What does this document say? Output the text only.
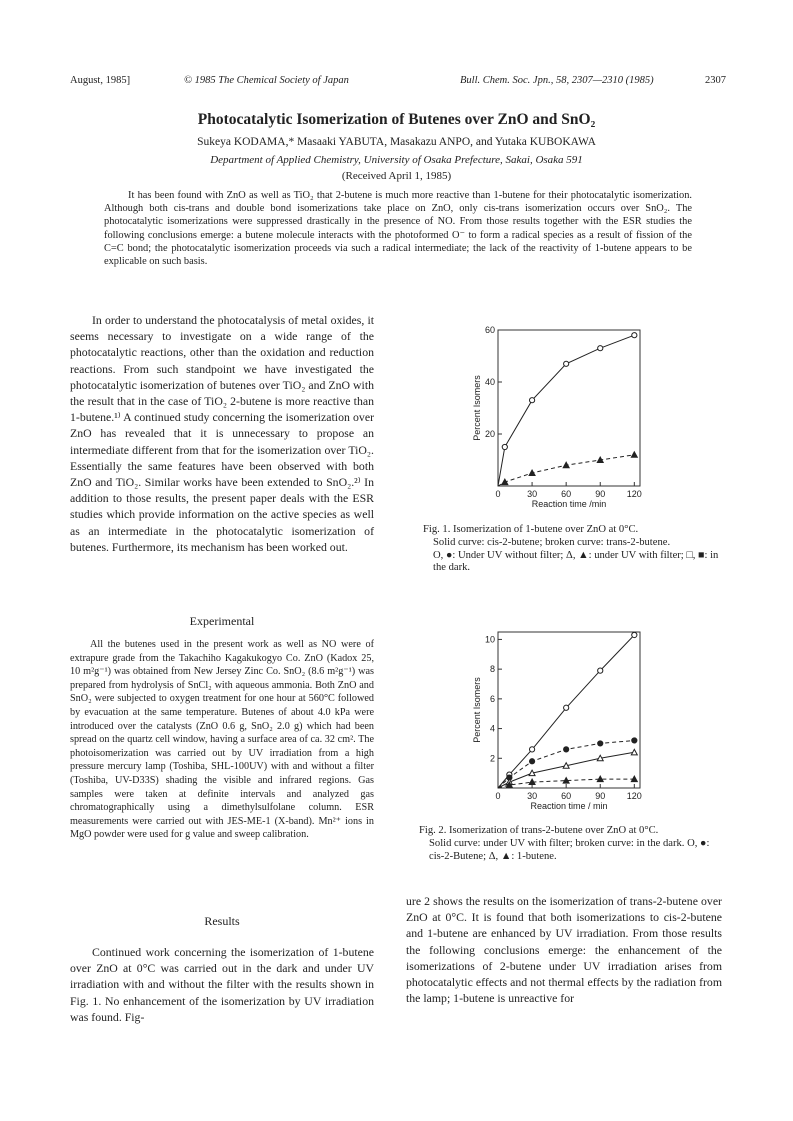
August, 1985]	© 1985 The Chemical Society of Japan	Bull. Chem. Soc. Jpn., 58, 2307—2310 (1985)	2307
Photocatalytic Isomerization of Butenes over ZnO and SnO₂
Sukeya KODAMA,* Masaaki YABUTA, Masakazu ANPO, and Yutaka KUBOKAWA
Department of Applied Chemistry, University of Osaka Prefecture, Sakai, Osaka 591
(Received April 1, 1985)
It has been found with ZnO as well as TiO₂ that 2-butene is much more reactive than 1-butene for their photocatalytic isomerization. Although both cis-trans and double bond isomerizations take place on ZnO, only cis-trans isomerization occurs over SnO₂. The photocatalytic isomerizations were suppressed drastically in the presence of NO. From those results together with the ESR studies the following conclusions emerge: a butene molecule interacts with the photoformed O⁻ to form a radical species as a result of fission of the C=C bond; the photocatalytic isomerization proceeds via such a radical intermediate; the lack of the reactivity of 1-butene appears to be explicable on such basis.

In order to understand the photocatalysis of metal oxides, it seems necessary to investigate on a wide range of the photocatalytic reactions, other than the oxidation and reduction reactions. From such standpoint we have investigated the photocatalytic isomerization of butenes over TiO₂ and ZnO with the result that in the case of TiO₂ 2-butene is more reactive than 1-butene.¹⁾ A continued study concerning the isomerization over ZnO has revealed that it is unnecessary to propose an intermediate different from that for the isomerization over TiO₂. Essentially the same features have been observed with both ZnO and TiO₂. Similar works have been extended to SnO₂.²⁾ In addition to those results, the present paper deals with the ESR studies which provide information on the active species as well as an intermediate in the photocatalytic isomerization of butenes. Furthermore, its mechanism has been worked out.

Experimental

All the butenes used in the present work as well as NO were of extrapure grade from the Takachiho Kagakukogyo Co. ZnO (Kadox 25, 10 m²g⁻¹) was obtained from New Jersey Zinc Co. SnO₂ (8.6 m²g⁻¹) was prepared from hydrolysis of SnCl₂ with aqueous ammonia. Both ZnO and SnO₂ were subjected to oxygen treatment for one hour at 560°C followed by evacuation at the same temperature. Butenes of about 4.0 kPa were introduced over the catalysts (ZnO 0.6 g, SnO₂ 2.0 g) which had been spread on the quartz cell window, having a surface area of ca. 32 cm². The photoisomerization was carried out by UV irradiation from a high pressure mercury lamp (Toshiba, SHL-100UV) with and without a filter (Toshiba, UV-D33S) shading the visible and infrared regions. Gas samples were taken at definite intervals and analyzed gas chromatographically using a dimethylsulfolane column. ESR measurements were carried out with JES-ME-1 (X-band). Mn²⁺ ions in MgO powder were used for g value and sweep calibration.

Results

Continued work concerning the isomerization of 1-butene over ZnO at 0°C was carried out in the dark and under UV irradiation with and without the filter with the results shown in Fig. 1. No enhancement of the isomerization by UV irradiation was found. Fig-

0	30	60	90 120
20
40
60
Reaction time /min
Percent Isomers
Fig. 1. Isomerization of 1-butene over ZnO at 0°C.
Solid curve: cis-2-butene; broken curve: trans-2-butene.
O, ●: Under UV without filter; Δ, ▲: under UV with filter; □, ■: in the dark.
0	30	60	90 120
2
4
6
8
10
Reaction time / min
Percent Isomers
Fig. 2. Isomerization of trans-2-butene over ZnO at 0°C.
Solid curve: under UV with filter; broken curve: in the dark. O, ●: cis-2-Butene; Δ, ▲: 1-butene.

ure 2 shows the results on the isomerization of trans-2-butene over ZnO at 0°C. It is found that both isomerizations to cis-2-butene and 1-butene are enhanced by UV irradiation. From those results the following conclusions emerge: the enhancement of the isomerizations of 2-butene under UV irradiation arises from photocatalytic effects and not thermal effects by the radiation from the lamp; 1-butene is unreactive for
